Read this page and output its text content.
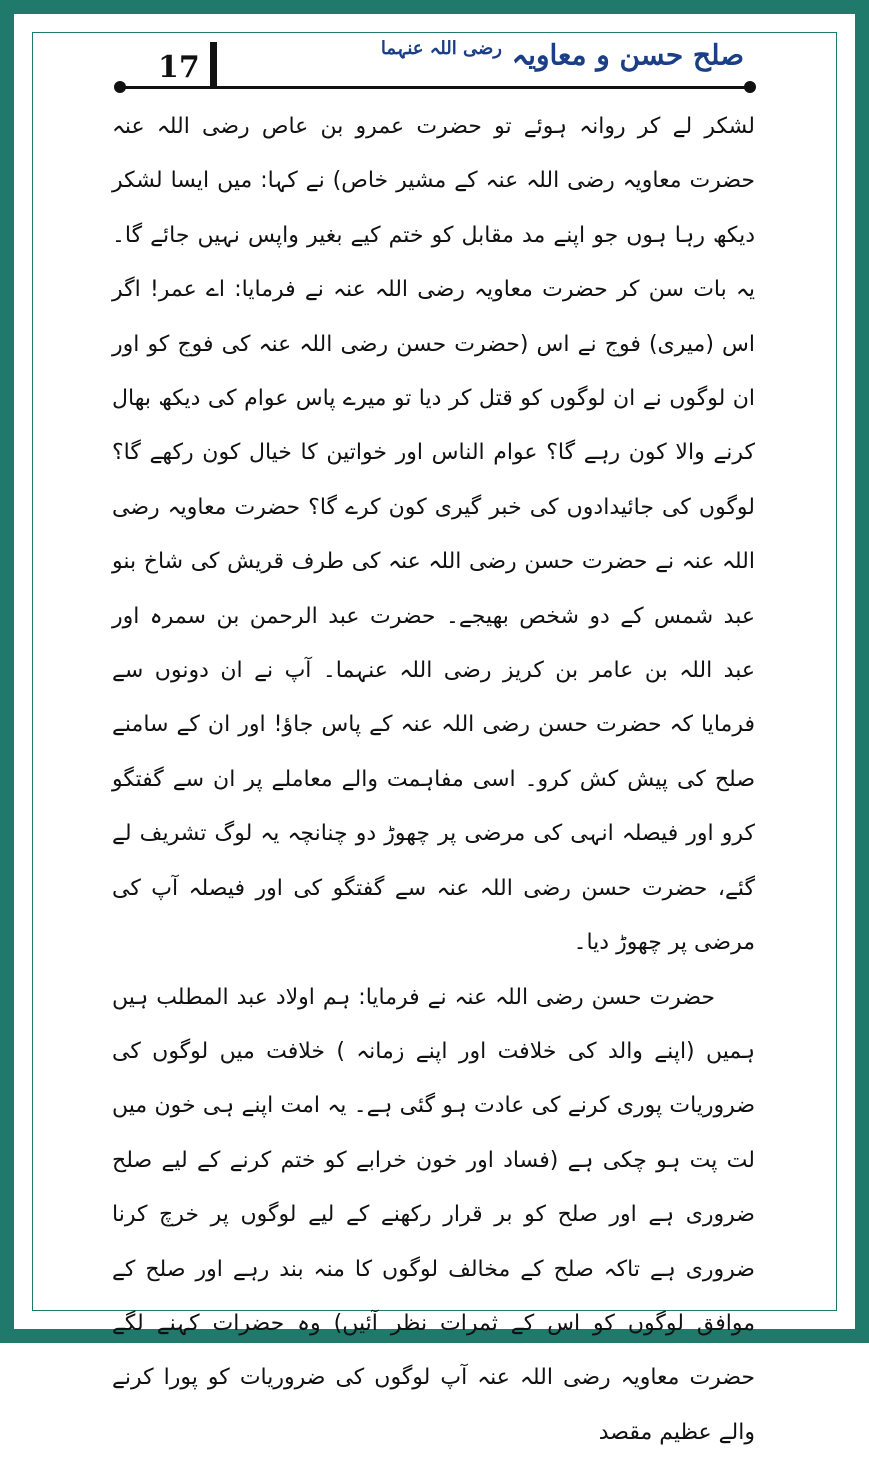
17	صلح حسن و معاویہ $^{رضی اللہ عنہما}$

لشکر لے کر روانہ ہوئے تو حضرت عمرو بن عاص رضی اللہ عنہ حضرت معاویہ رضی اللہ عنہ کے مشیر خاص) نے کہا: میں ایسا لشکر دیکھ رہا ہوں جو اپنے مد مقابل کو ختم کیے بغیر واپس نہیں جائے گا۔ یہ بات سن کر حضرت معاویہ رضی اللہ عنہ نے فرمایا: اے عمر! اگر اس (میری) فوج نے اس (حضرت حسن رضی اللہ عنہ کی فوج کو اور ان لوگوں نے ان لوگوں کو قتل کر دیا تو میرے پاس عوام کی دیکھ بھال کرنے والا کون رہے گا؟ عوام الناس اور خواتین کا خیال کون رکھے گا؟ لوگوں کی جائیدادوں کی خبر گیری کون کرے گا؟ حضرت معاویہ رضی اللہ عنہ نے حضرت حسن رضی اللہ عنہ کی طرف قریش کی شاخ بنو عبد شمس کے دو شخص بھیجے۔ حضرت عبد الرحمن بن سمرہ اور عبد اللہ بن عامر بن کریز رضی اللہ عنہما۔ آپ نے ان دونوں سے فرمایا کہ حضرت حسن رضی اللہ عنہ کے پاس جاؤ! اور ان کے سامنے صلح کی پیش کش کرو۔ اسی مفاہمت والے معاملے پر ان سے گفتگو کرو اور فیصلہ انہی کی مرضی پر چھوڑ دو چنانچہ یہ لوگ تشریف لے گئے، حضرت حسن رضی اللہ عنہ سے گفتگو کی اور فیصلہ آپ کی مرضی پر چھوڑ دیا۔

حضرت حسن رضی اللہ عنہ نے فرمایا: ہم اولاد عبد المطلب ہیں ہمیں (اپنے والد کی خلافت اور اپنے زمانہ ) خلافت میں لوگوں کی ضروریات پوری کرنے کی عادت ہو گئی ہے۔ یہ امت اپنے ہی خون میں لت پت ہو چکی ہے (فساد اور خون خرابے کو ختم کرنے کے لیے صلح ضروری ہے اور صلح کو بر قرار رکھنے کے لیے لوگوں پر خرچ کرنا ضروری ہے تاکہ صلح کے مخالف لوگوں کا منہ بند رہے اور صلح کے موافق لوگوں کو اس کے ثمرات نظر آئیں) وہ حضرات کہنے لگے حضرت معاویہ رضی اللہ عنہ آپ لوگوں کی ضروریات کو پورا کرنے والے عظیم مقصد
